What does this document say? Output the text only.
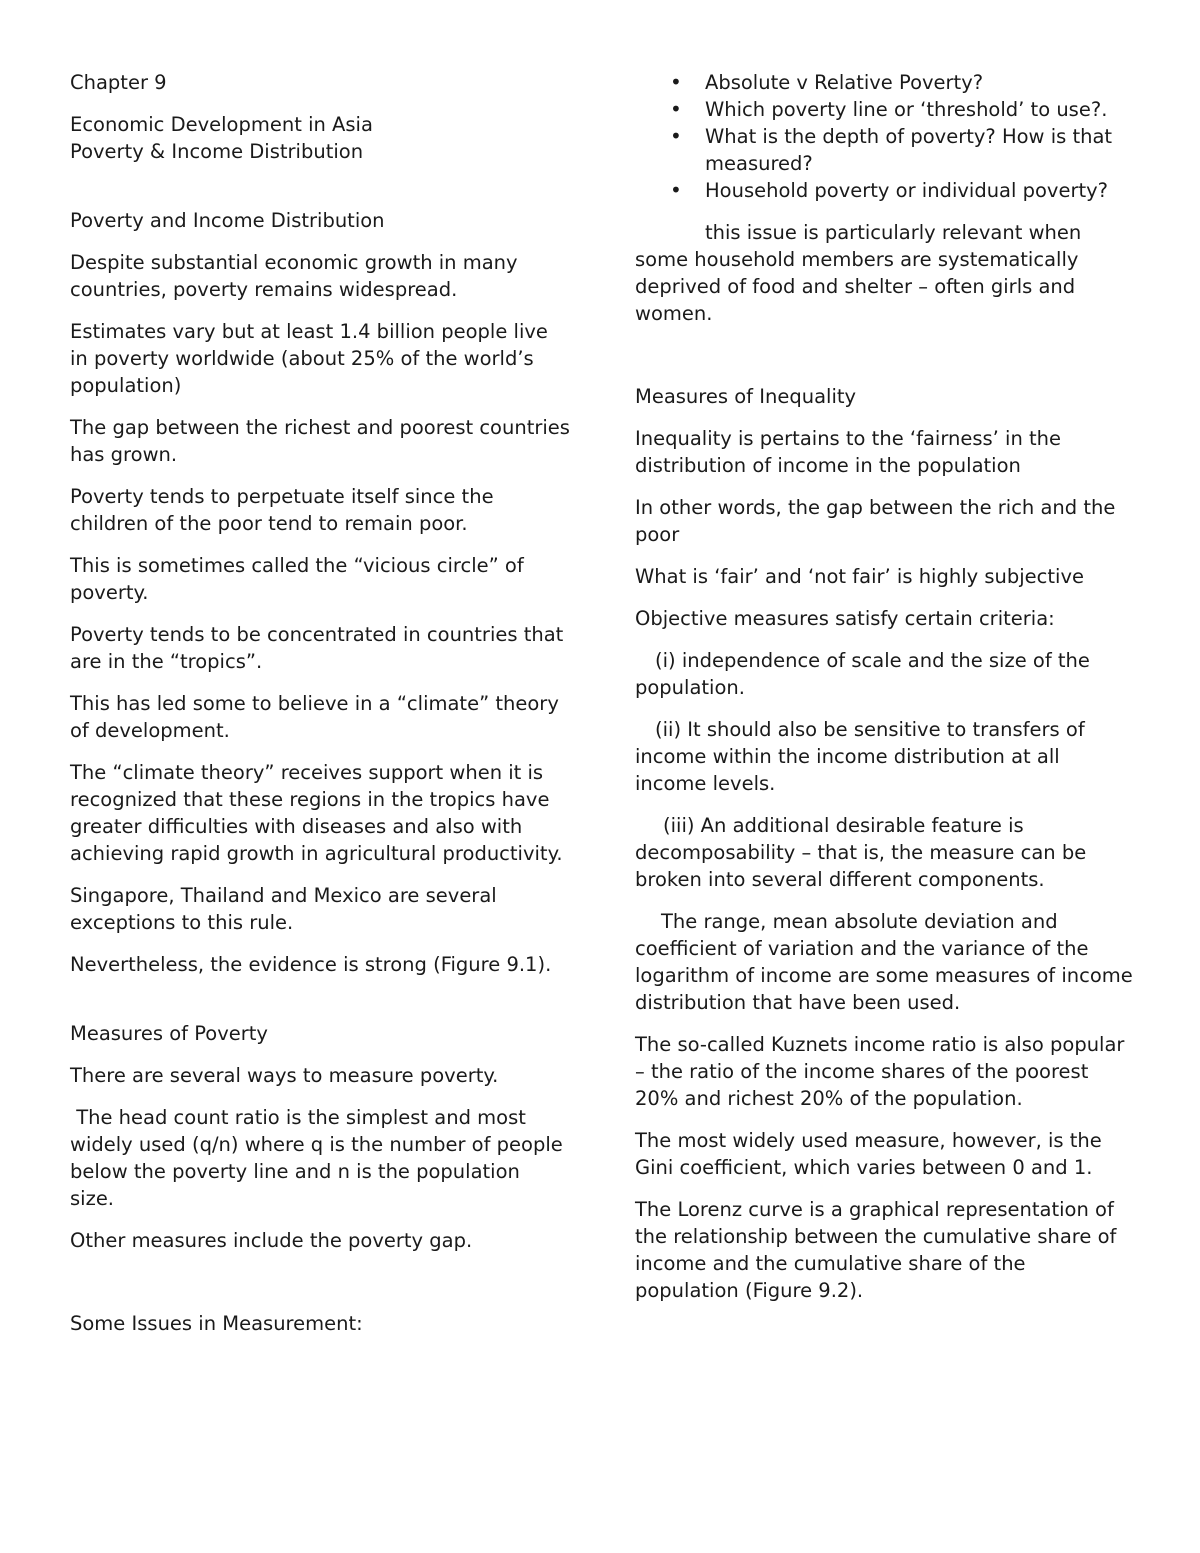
Chapter 9

Economic Development in Asia

Poverty & Income Distribution

Poverty and Income Distribution

Despite substantial economic growth in many countries, poverty remains widespread.

Estimates vary but at least 1.4 billion people live in poverty worldwide (about 25% of the world’s population)

The gap between the richest and poorest countries has grown.

Poverty tends to perpetuate itself since the children of the poor tend to remain poor.

This is sometimes called the “vicious circle” of poverty.

Poverty tends to be concentrated in countries that are in the “tropics”.

This has led some to believe in a “climate” theory of development.

The “climate theory” receives support when it is recognized that these regions in the tropics have greater difficulties with diseases and also with achieving rapid growth in agricultural productivity.

Singapore, Thailand and Mexico are several exceptions to this rule.

Nevertheless, the evidence is strong (Figure 9.1).

Measures of Poverty

There are several ways to measure poverty.

The head count ratio is the simplest and most widely used (q/n) where q is the number of people below the poverty line and n is the population size.

Other measures include the poverty gap.

Some Issues in Measurement:

• Absolute v Relative Poverty?
• Which poverty line or ‘threshold’ to use?.
• What is the depth of poverty? How is that measured?
• Household poverty or individual poverty?

this issue is particularly relevant when some household members are systematically deprived of food and shelter – often girls and women.

Measures of Inequality

Inequality is pertains to the ‘fairness’ in the distribution of income in the population

In other words, the gap between the rich and the poor

What is ‘fair’ and ‘not fair’ is highly subjective

Objective measures satisfy certain criteria:

(i) independence of scale and the size of the population.

(ii) It should also be sensitive to transfers of income within the income distribution at all income levels.

(iii) An additional desirable feature is decomposability – that is, the measure can be broken into several different components.

The range, mean absolute deviation and coefficient of variation and the variance of the logarithm of income are some measures of income distribution that have been used.

The so-called Kuznets income ratio is also popular – the ratio of the income shares of the poorest 20% and richest 20% of the population.

The most widely used measure, however, is the Gini coefficient, which varies between 0 and 1.

The Lorenz curve is a graphical representation of the relationship between the cumulative share of income and the cumulative share of the population (Figure 9.2).
